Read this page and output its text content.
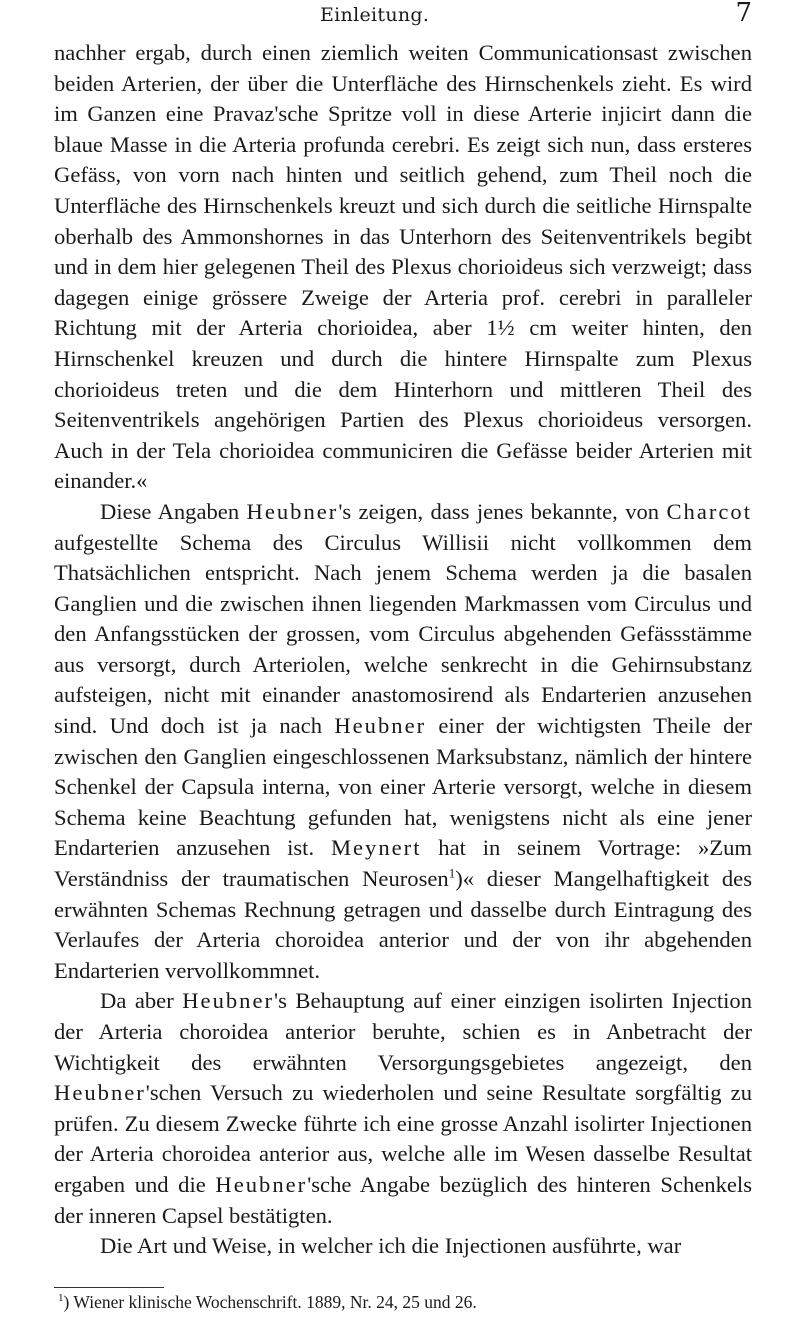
Einleitung.	7

nachher ergab, durch einen ziemlich weiten Communicationsast zwischen beiden Arterien, der über die Unterfläche des Hirnschenkels zieht. Es wird im Ganzen eine Pravaz'sche Spritze voll in diese Arterie injicirt dann die blaue Masse in die Arteria profunda cerebri. Es zeigt sich nun, dass ersteres Gefäss, von vorn nach hinten und seitlich gehend, zum Theil noch die Unterfläche des Hirnschenkels kreuzt und sich durch die seitliche Hirnspalte oberhalb des Ammonshornes in das Unterhorn des Seitenventrikels begibt und in dem hier gelegenen Theil des Plexus chorioideus sich verzweigt; dass dagegen einige grössere Zweige der Arteria prof. cerebri in paralleler Richtung mit der Arteria chorioidea, aber 1½ cm weiter hinten, den Hirnschenkel kreuzen und durch die hintere Hirnspalte zum Plexus chorioideus treten und die dem Hinterhorn und mittleren Theil des Seitenventrikels angehörigen Partien des Plexus chorioideus versorgen. Auch in der Tela chorioidea communiciren die Gefässe beider Arterien mit einander.«

Diese Angaben Heubner's zeigen, dass jenes bekannte, von Charcot aufgestellte Schema des Circulus Willisii nicht vollkommen dem Thatsächlichen entspricht. Nach jenem Schema werden ja die basalen Ganglien und die zwischen ihnen liegenden Markmassen vom Circulus und den Anfangsstücken der grossen, vom Circulus abgehenden Gefässstämme aus versorgt, durch Arteriolen, welche senkrecht in die Gehirnsubstanz aufsteigen, nicht mit einander anastomosirend als Endarterien anzusehen sind. Und doch ist ja nach Heubner einer der wichtigsten Theile der zwischen den Ganglien eingeschlossenen Marksubstanz, nämlich der hintere Schenkel der Capsula interna, von einer Arterie versorgt, welche in diesem Schema keine Beachtung gefunden hat, wenigstens nicht als eine jener Endarterien anzusehen ist. Meynert hat in seinem Vortrage: »Zum Verständniss der traumatischen Neurosen$^1$)« dieser Mangelhaftigkeit des erwähnten Schemas Rechnung getragen und dasselbe durch Eintragung des Verlaufes der Arteria choroidea anterior und der von ihr abgehenden Endarterien vervollkommnet.

Da aber Heubner's Behauptung auf einer einzigen isolirten Injection der Arteria choroidea anterior beruhte, schien es in Anbetracht der Wichtigkeit des erwähnten Versorgungsgebietes angezeigt, den Heubner'schen Versuch zu wiederholen und seine Resultate sorgfältig zu prüfen. Zu diesem Zwecke führte ich eine grosse Anzahl isolirter Injectionen der Arteria choroidea anterior aus, welche alle im Wesen dasselbe Resultat ergaben und die Heubner'sche Angabe bezüglich des hinteren Schenkels der inneren Capsel bestätigten.

Die Art und Weise, in welcher ich die Injectionen ausführte, war

$^1$) Wiener klinische Wochenschrift. 1889, Nr. 24, 25 und 26.
